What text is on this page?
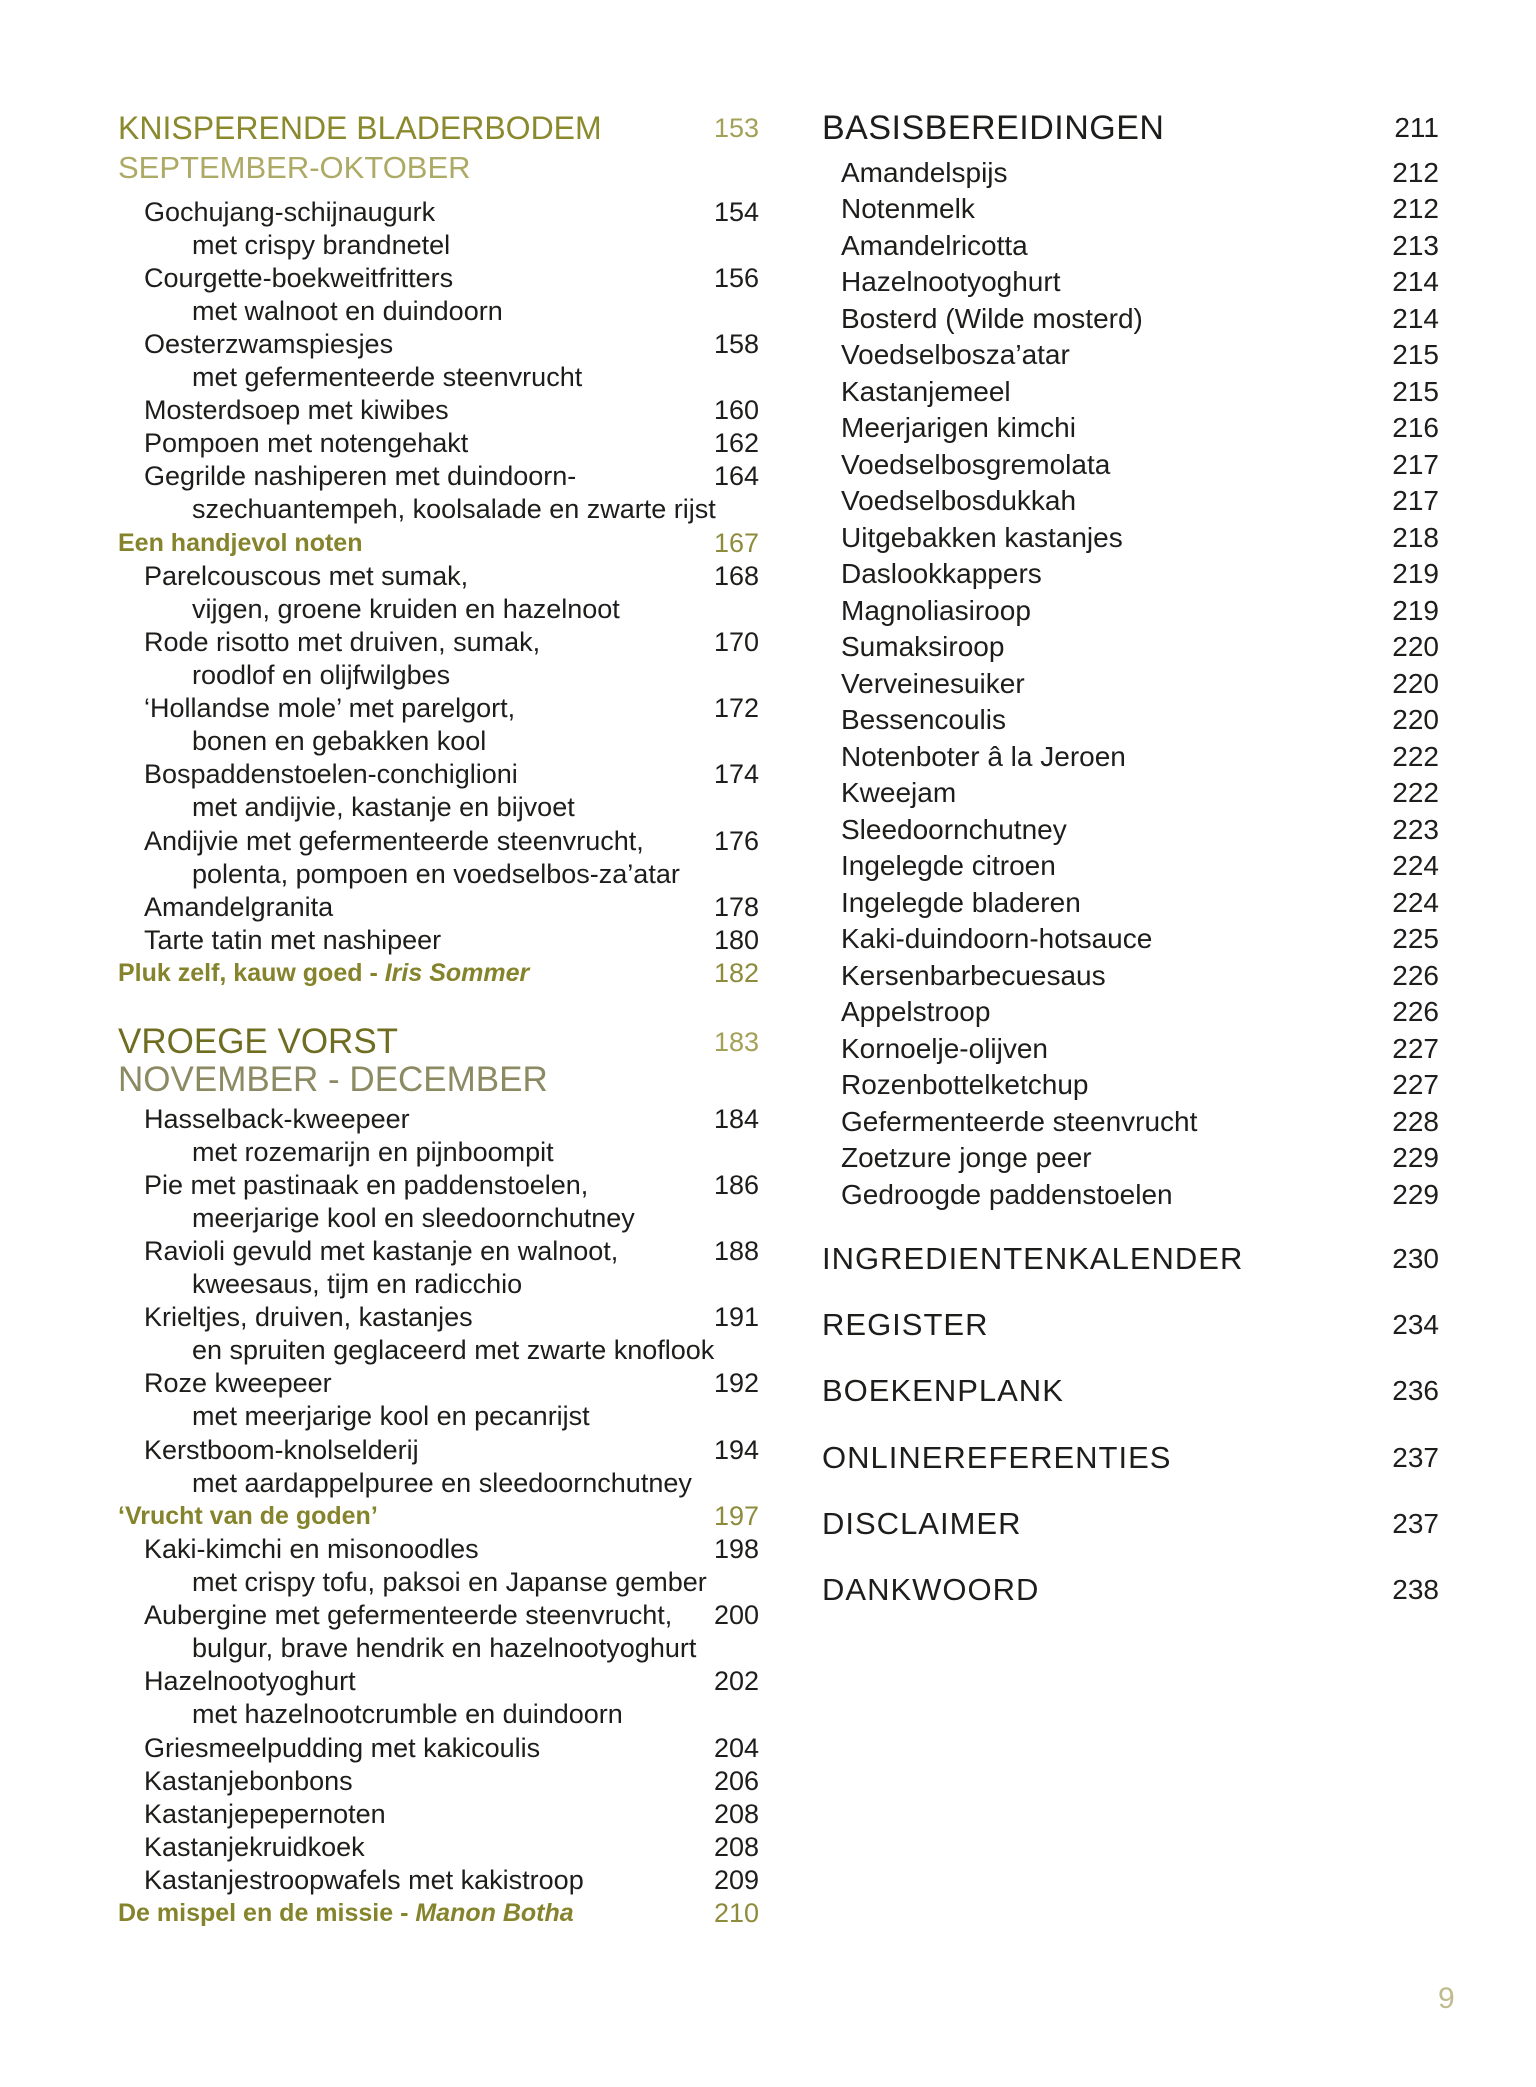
KNISPERENDE BLADERBODEM	153
SEPTEMBER-OKTOBER
Gochujang-schijnaugurk	154
met crispy brandnetel
Courgette-boekweitfritters	156
met walnoot en duindoorn
Oesterzwamspiesjes	158
met gefermenteerde steenvrucht
Mosterdsoep met kiwibes	160
Pompoen met notengehakt	162
Gegrilde nashiperen met duindoorn-	164
szechuantempeh, koolsalade en zwarte rijst
Een handjevol noten	167
Parelcouscous met sumak,	168
vijgen, groene kruiden en hazelnoot
Rode risotto met druiven, sumak,	170
roodlof en olijfwilgbes
‘Hollandse mole’ met parelgort,	172
bonen en gebakken kool
Bospaddenstoelen-conchiglioni	174
met andijvie, kastanje en bijvoet
Andijvie met gefermenteerde steenvrucht,	176
polenta, pompoen en voedselbos-za’atar
Amandelgranita	178
Tarte tatin met nashipeer	180
Pluk zelf, kauw goed - Iris Sommer	182
VROEGE VORST	183
NOVEMBER - DECEMBER
Hasselback-kweepeer	184
met rozemarijn en pijnboompit
Pie met pastinaak en paddenstoelen,	186
meerjarige kool en sleedoornchutney
Ravioli gevuld met kastanje en walnoot,	188
kweesaus, tijm en radicchio
Krieltjes, druiven, kastanjes	191
en spruiten geglaceerd met zwarte knoflook
Roze kweepeer	192
met meerjarige kool en pecanrijst
Kerstboom-knolselderij	194
met aardappelpuree en sleedoornchutney
‘Vrucht van de goden’	197
Kaki-kimchi en misonoodles	198
met crispy tofu, paksoi en Japanse gember
Aubergine met gefermenteerde steenvrucht, 200
bulgur, brave hendrik en hazelnootyoghurt
Hazelnootyoghurt	202
met hazelnootcrumble en duindoorn
Griesmeelpudding met kakicoulis	204
Kastanjebonbons	206
Kastanjepepernoten	208
Kastanjekruidkoek	208
Kastanjestroopwafels met kakistroop	209
De mispel en de missie - Manon Botha	210
BASISBEREIDINGEN	211
Amandelspijs	212
Notenmelk	212
Amandelricotta	213
Hazelnootyoghurt	214
Bosterd (Wilde mosterd)	214
Voedselbosza’atar	215
Kastanjemeel	215
Meerjarigen kimchi	216
Voedselbosgremolata	217
Voedselbosdukkah	217
Uitgebakken kastanjes	218
Daslookkappers	219
Magnoliasiroop	219
Sumaksiroop	220
Verveinesuiker	220
Bessencoulis	220
Notenboter â la Jeroen	222
Kweejam	222
Sleedoornchutney	223
Ingelegde citroen	224
Ingelegde bladeren	224
Kaki-duindoorn-hotsauce	225
Kersenbarbecuesaus	226
Appelstroop	226
Kornoelje-olijven	227
Rozenbottelketchup	227
Gefermenteerde steenvrucht	228
Zoetzure jonge peer	229
Gedroogde paddenstoelen	229
INGREDIENTENKALENDER	230
REGISTER	234
BOEKENPLANK	236
ONLINEREFERENTIES	237
DISCLAIMER	237
DANKWOORD	238
9
